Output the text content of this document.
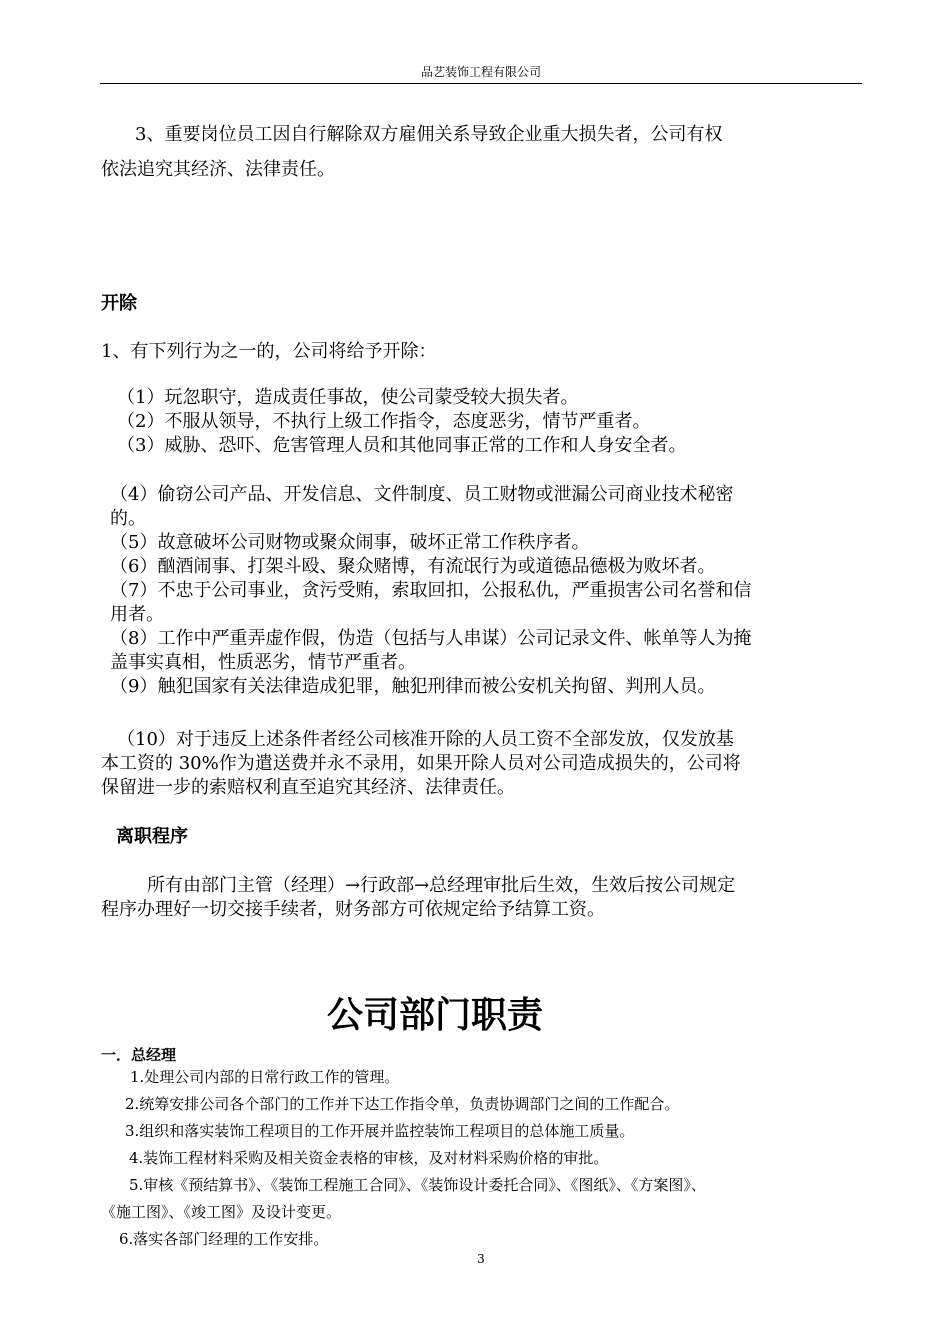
品艺装饰工程有限公司
3、重要岗位员工因自行解除双方雇佣关系导致企业重大损失者，公司有权
依法追究其经济、法律责任。
开除
1、有下列行为之一的，公司将给予开除：
（1）玩忽职守，造成责任事故，使公司蒙受较大损失者。
（2）不服从领导，不执行上级工作指令，态度恶劣，情节严重者。
（3）威胁、恐吓、危害管理人员和其他同事正常的工作和人身安全者。
（4）偷窃公司产品、开发信息、文件制度、员工财物或泄漏公司商业技术秘密
的。
（5）故意破坏公司财物或聚众闹事，破坏正常工作秩序者。
（6）酗酒闹事、打架斗殴、聚众赌博，有流氓行为或道德品德极为败坏者。
（7）不忠于公司事业，贪污受贿，索取回扣，公报私仇，严重损害公司名誉和信
用者。
（8）工作中严重弄虚作假，伪造（包括与人串谋）公司记录文件、帐单等人为掩
盖事实真相，性质恶劣，情节严重者。
（9）触犯国家有关法律造成犯罪，触犯刑律而被公安机关拘留、判刑人员。
（10）对于违反上述条件者经公司核准开除的人员工资不全部发放，仅发放基
本工资的 30%作为遣送费并永不录用，如果开除人员对公司造成损失的，公司将
保留进一步的索赔权利直至追究其经济、法律责任。
离职程序
所有由部门主管（经理）→行政部→总经理审批后生效，生效后按公司规定
程序办理好一切交接手续者，财务部方可依规定给予结算工资。
公司部门职责
一．总经理
1.处理公司内部的日常行政工作的管理。
2.统筹安排公司各个部门的工作并下达工作指令单，负责协调部门之间的工作配合。
3.组织和落实装饰工程项目的工作开展并监控装饰工程项目的总体施工质量。
4.装饰工程材料采购及相关资金表格的审核，及对材料采购价格的审批。
5.审核《预结算书》、《装饰工程施工合同》、《装饰设计委托合同》、《图纸》、《方案图》、
《施工图》、《竣工图》及设计变更。
6.落实各部门经理的工作安排。
3
